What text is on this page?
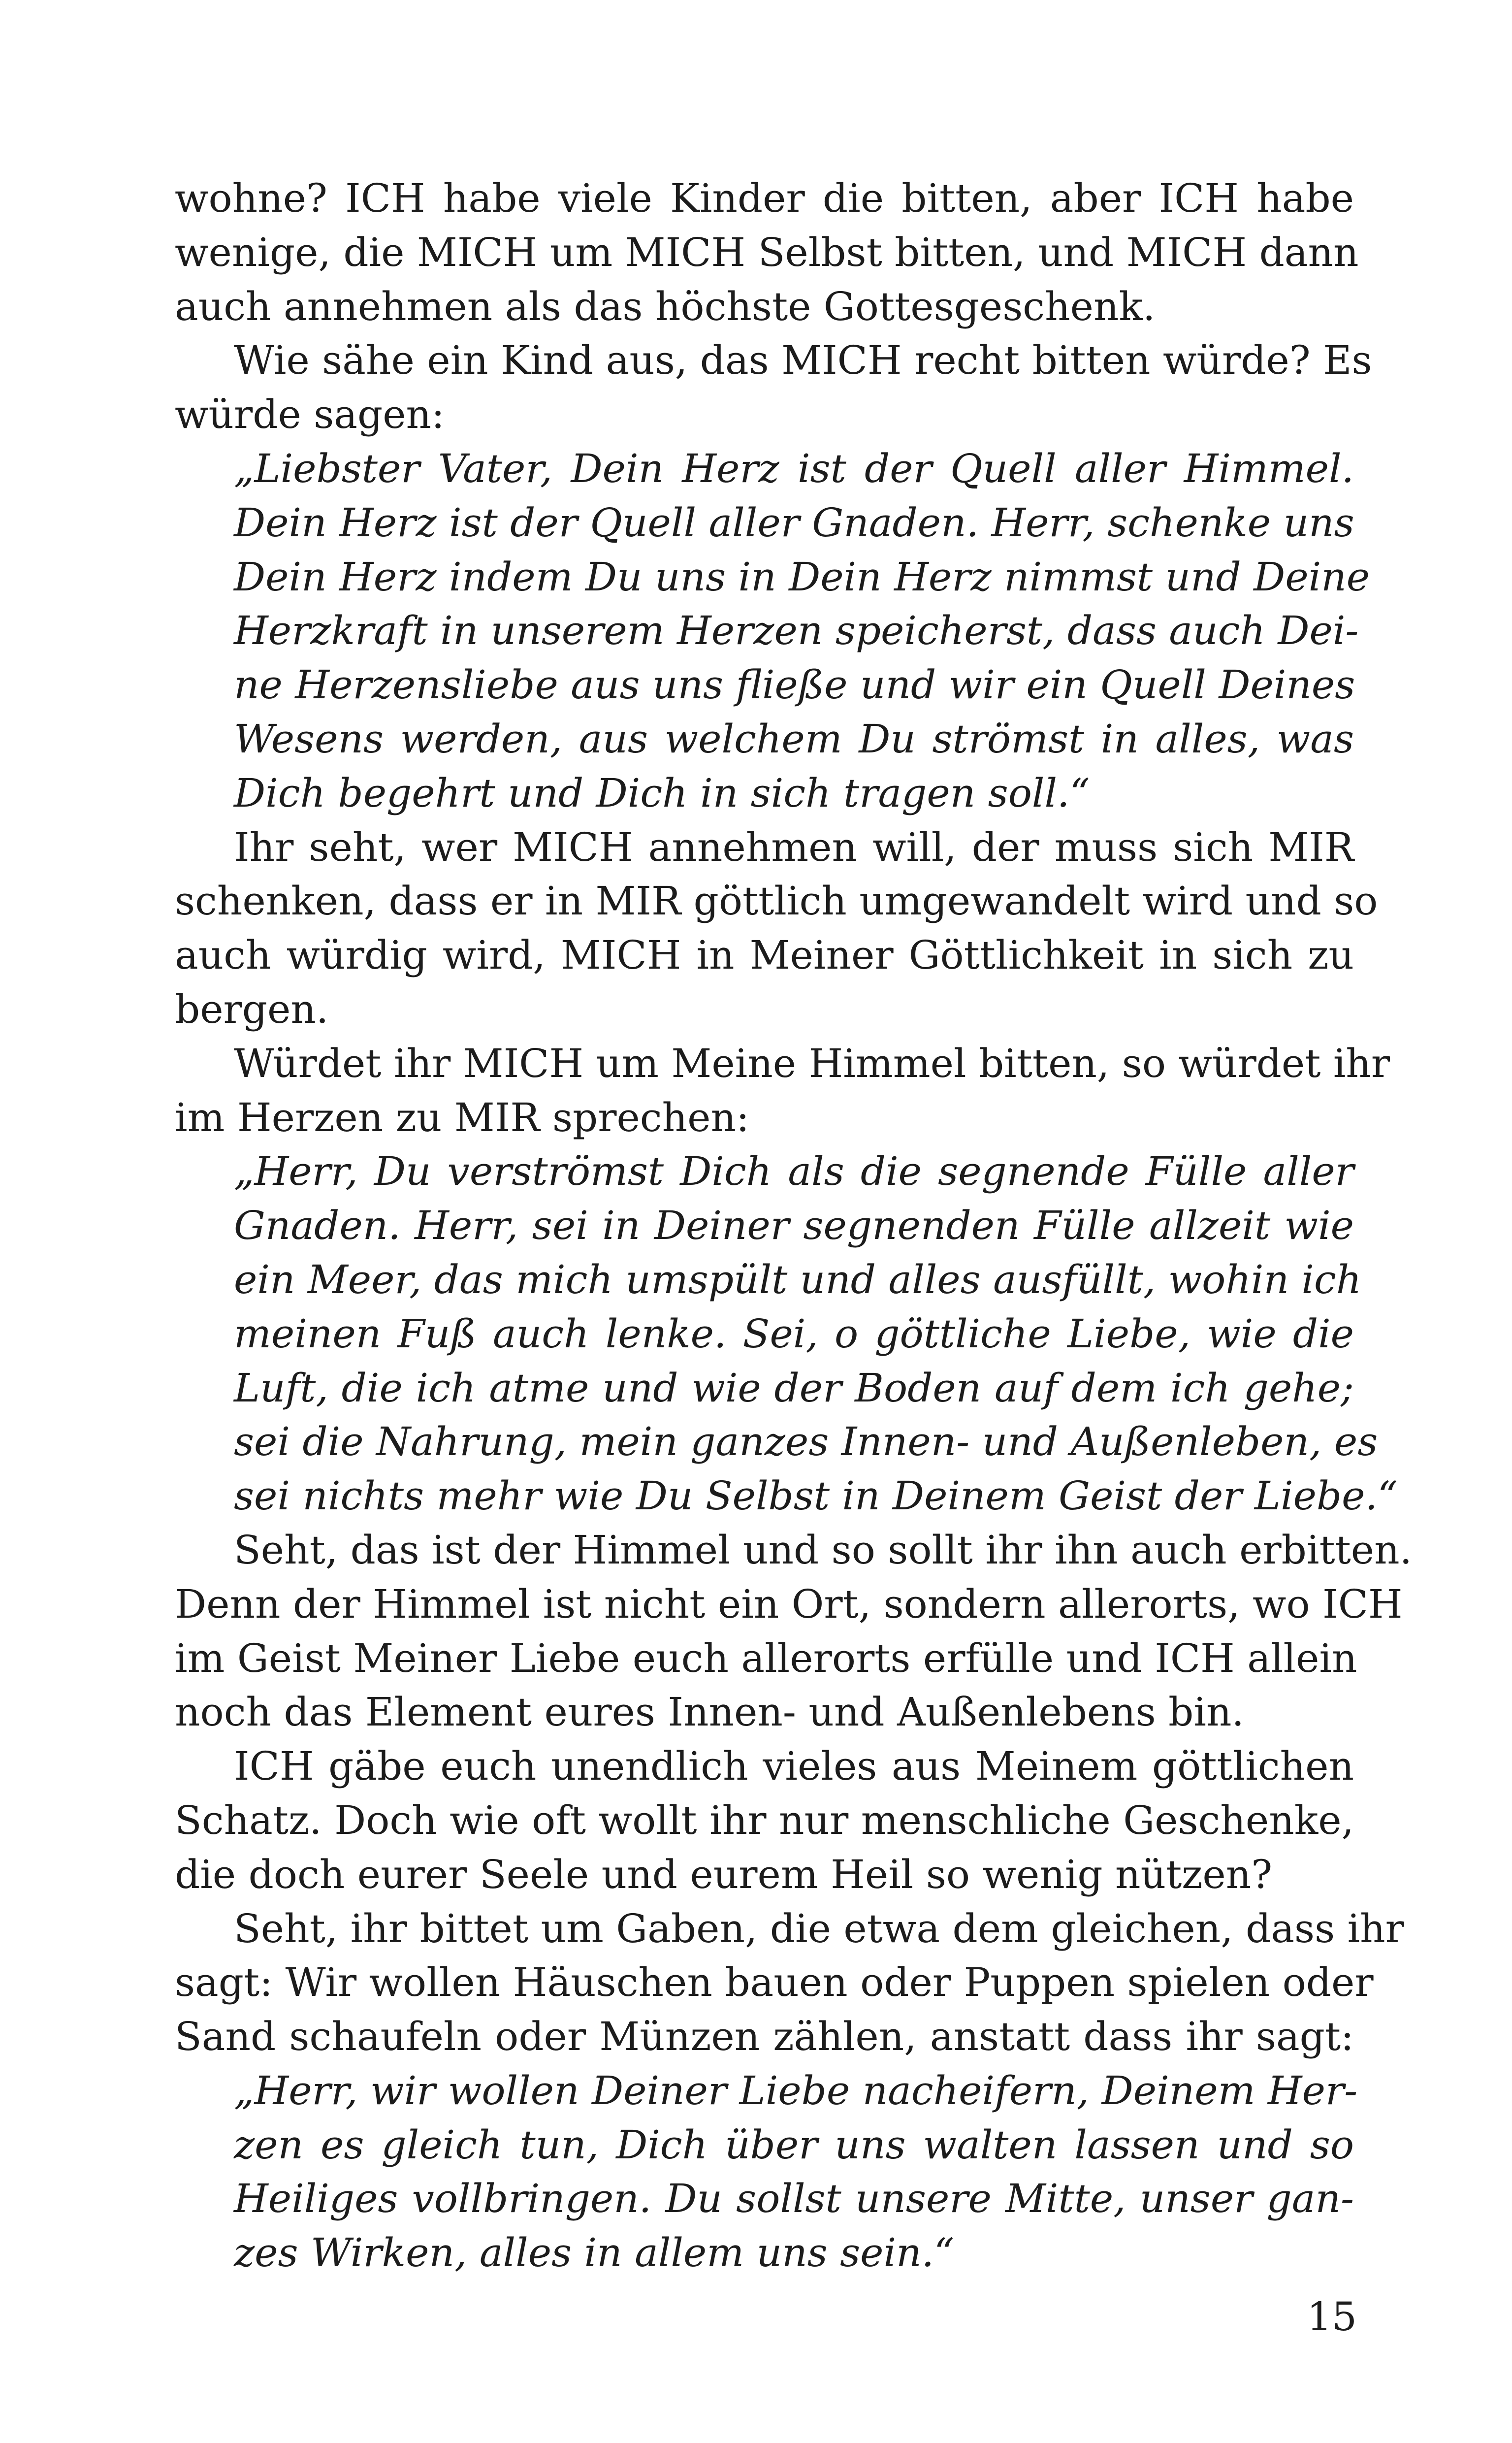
wohne? ICH habe viele Kinder die bitten, aber ICH habe
wenige, die MICH um MICH Selbst bitten, und MICH dann
auch annehmen als das höchste Gottesgeschenk.
Wie sähe ein Kind aus, das MICH recht bitten würde? Es
würde sagen:
„Liebster Vater, Dein Herz ist der Quell aller Himmel.
Dein Herz ist der Quell aller Gnaden. Herr, schenke uns
Dein Herz indem Du uns in Dein Herz nimmst und Deine
Herzkraft in unserem Herzen speicherst, dass auch Dei-
ne Herzensliebe aus uns fließe und wir ein Quell Deines
Wesens werden, aus welchem Du strömst in alles, was
Dich begehrt und Dich in sich tragen soll.“
Ihr seht, wer MICH annehmen will, der muss sich MIR
schenken, dass er in MIR göttlich umgewandelt wird und so
auch würdig wird, MICH in Meiner Göttlichkeit in sich zu
bergen.
Würdet ihr MICH um Meine Himmel bitten, so würdet ihr
im Herzen zu MIR sprechen:
„Herr, Du verströmst Dich als die segnende Fülle aller
Gnaden. Herr, sei in Deiner segnenden Fülle allzeit wie
ein Meer, das mich umspült und alles ausfüllt, wohin ich
meinen Fuß auch lenke. Sei, o göttliche Liebe, wie die
Luft, die ich atme und wie der Boden auf dem ich gehe;
sei die Nahrung, mein ganzes Innen- und Außenleben, es
sei nichts mehr wie Du Selbst in Deinem Geist der Liebe.“
Seht, das ist der Himmel und so sollt ihr ihn auch erbitten.
Denn der Himmel ist nicht ein Ort, sondern allerorts, wo ICH
im Geist Meiner Liebe euch allerorts erfülle und ICH allein
noch das Element eures Innen- und Außenlebens bin.
ICH gäbe euch unendlich vieles aus Meinem göttlichen
Schatz. Doch wie oft wollt ihr nur menschliche Geschenke,
die doch eurer Seele und eurem Heil so wenig nützen?
Seht, ihr bittet um Gaben, die etwa dem gleichen, dass ihr
sagt: Wir wollen Häuschen bauen oder Puppen spielen oder
Sand schaufeln oder Münzen zählen, anstatt dass ihr sagt:
„Herr, wir wollen Deiner Liebe nacheifern, Deinem Her-
zen es gleich tun, Dich über uns walten lassen und so
Heiliges vollbringen. Du sollst unsere Mitte, unser gan-
zes Wirken, alles in allem uns sein.“
15
